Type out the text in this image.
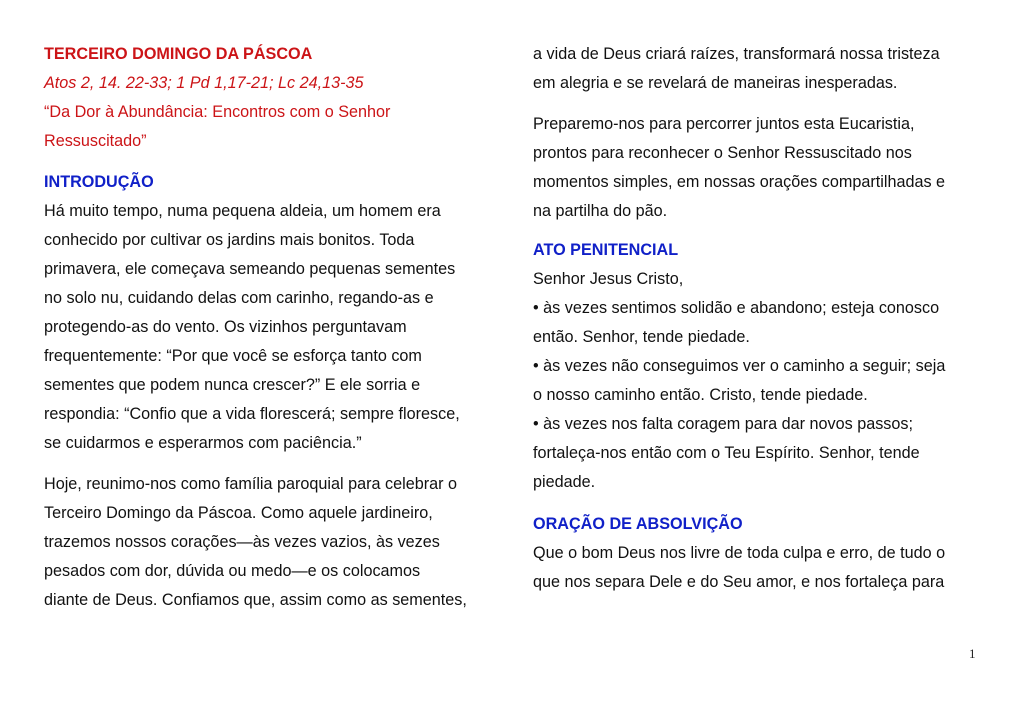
TERCEIRO DOMINGO DA PÁSCOA
Atos 2, 14. 22-33; 1 Pd 1,17-21; Lc 24,13-35
“Da Dor à Abundância: Encontros com o Senhor
Ressuscitado”
INTRODUÇÃO
Há muito tempo, numa pequena aldeia, um homem era
conhecido por cultivar os jardins mais bonitos. Toda
primavera, ele começava semeando pequenas sementes
no solo nu, cuidando delas com carinho, regando-as e
protegendo-as do vento. Os vizinhos perguntavam
frequentemente: “Por que você se esforça tanto com
sementes que podem nunca crescer?” E ele sorria e
respondia: “Confio que a vida florescerá; sempre floresce,
se cuidarmos e esperarmos com paciência.”
Hoje, reunimo-nos como família paroquial para celebrar o
Terceiro Domingo da Páscoa. Como aquele jardineiro,
trazemos nossos corações—às vezes vazios, às vezes
pesados com dor, dúvida ou medo—e os colocamos
diante de Deus. Confiamos que, assim como as sementes,
a vida de Deus criará raízes, transformará nossa tristeza
em alegria e se revelará de maneiras inesperadas.
Preparemo-nos para percorrer juntos esta Eucaristia,
prontos para reconhecer o Senhor Ressuscitado nos
momentos simples, em nossas orações compartilhadas e
na partilha do pão.
ATO PENITENCIAL
Senhor Jesus Cristo,
• às vezes sentimos solidão e abandono; esteja conosco
então. Senhor, tende piedade.
• às vezes não conseguimos ver o caminho a seguir; seja
o nosso caminho então. Cristo, tende piedade.
• às vezes nos falta coragem para dar novos passos;
fortaleça-nos então com o Teu Espírito. Senhor, tende
piedade.
ORAÇÃO DE ABSOLVIÇÃO
Que o bom Deus nos livre de toda culpa e erro, de tudo o
que nos separa Dele e do Seu amor, e nos fortaleça para
1
